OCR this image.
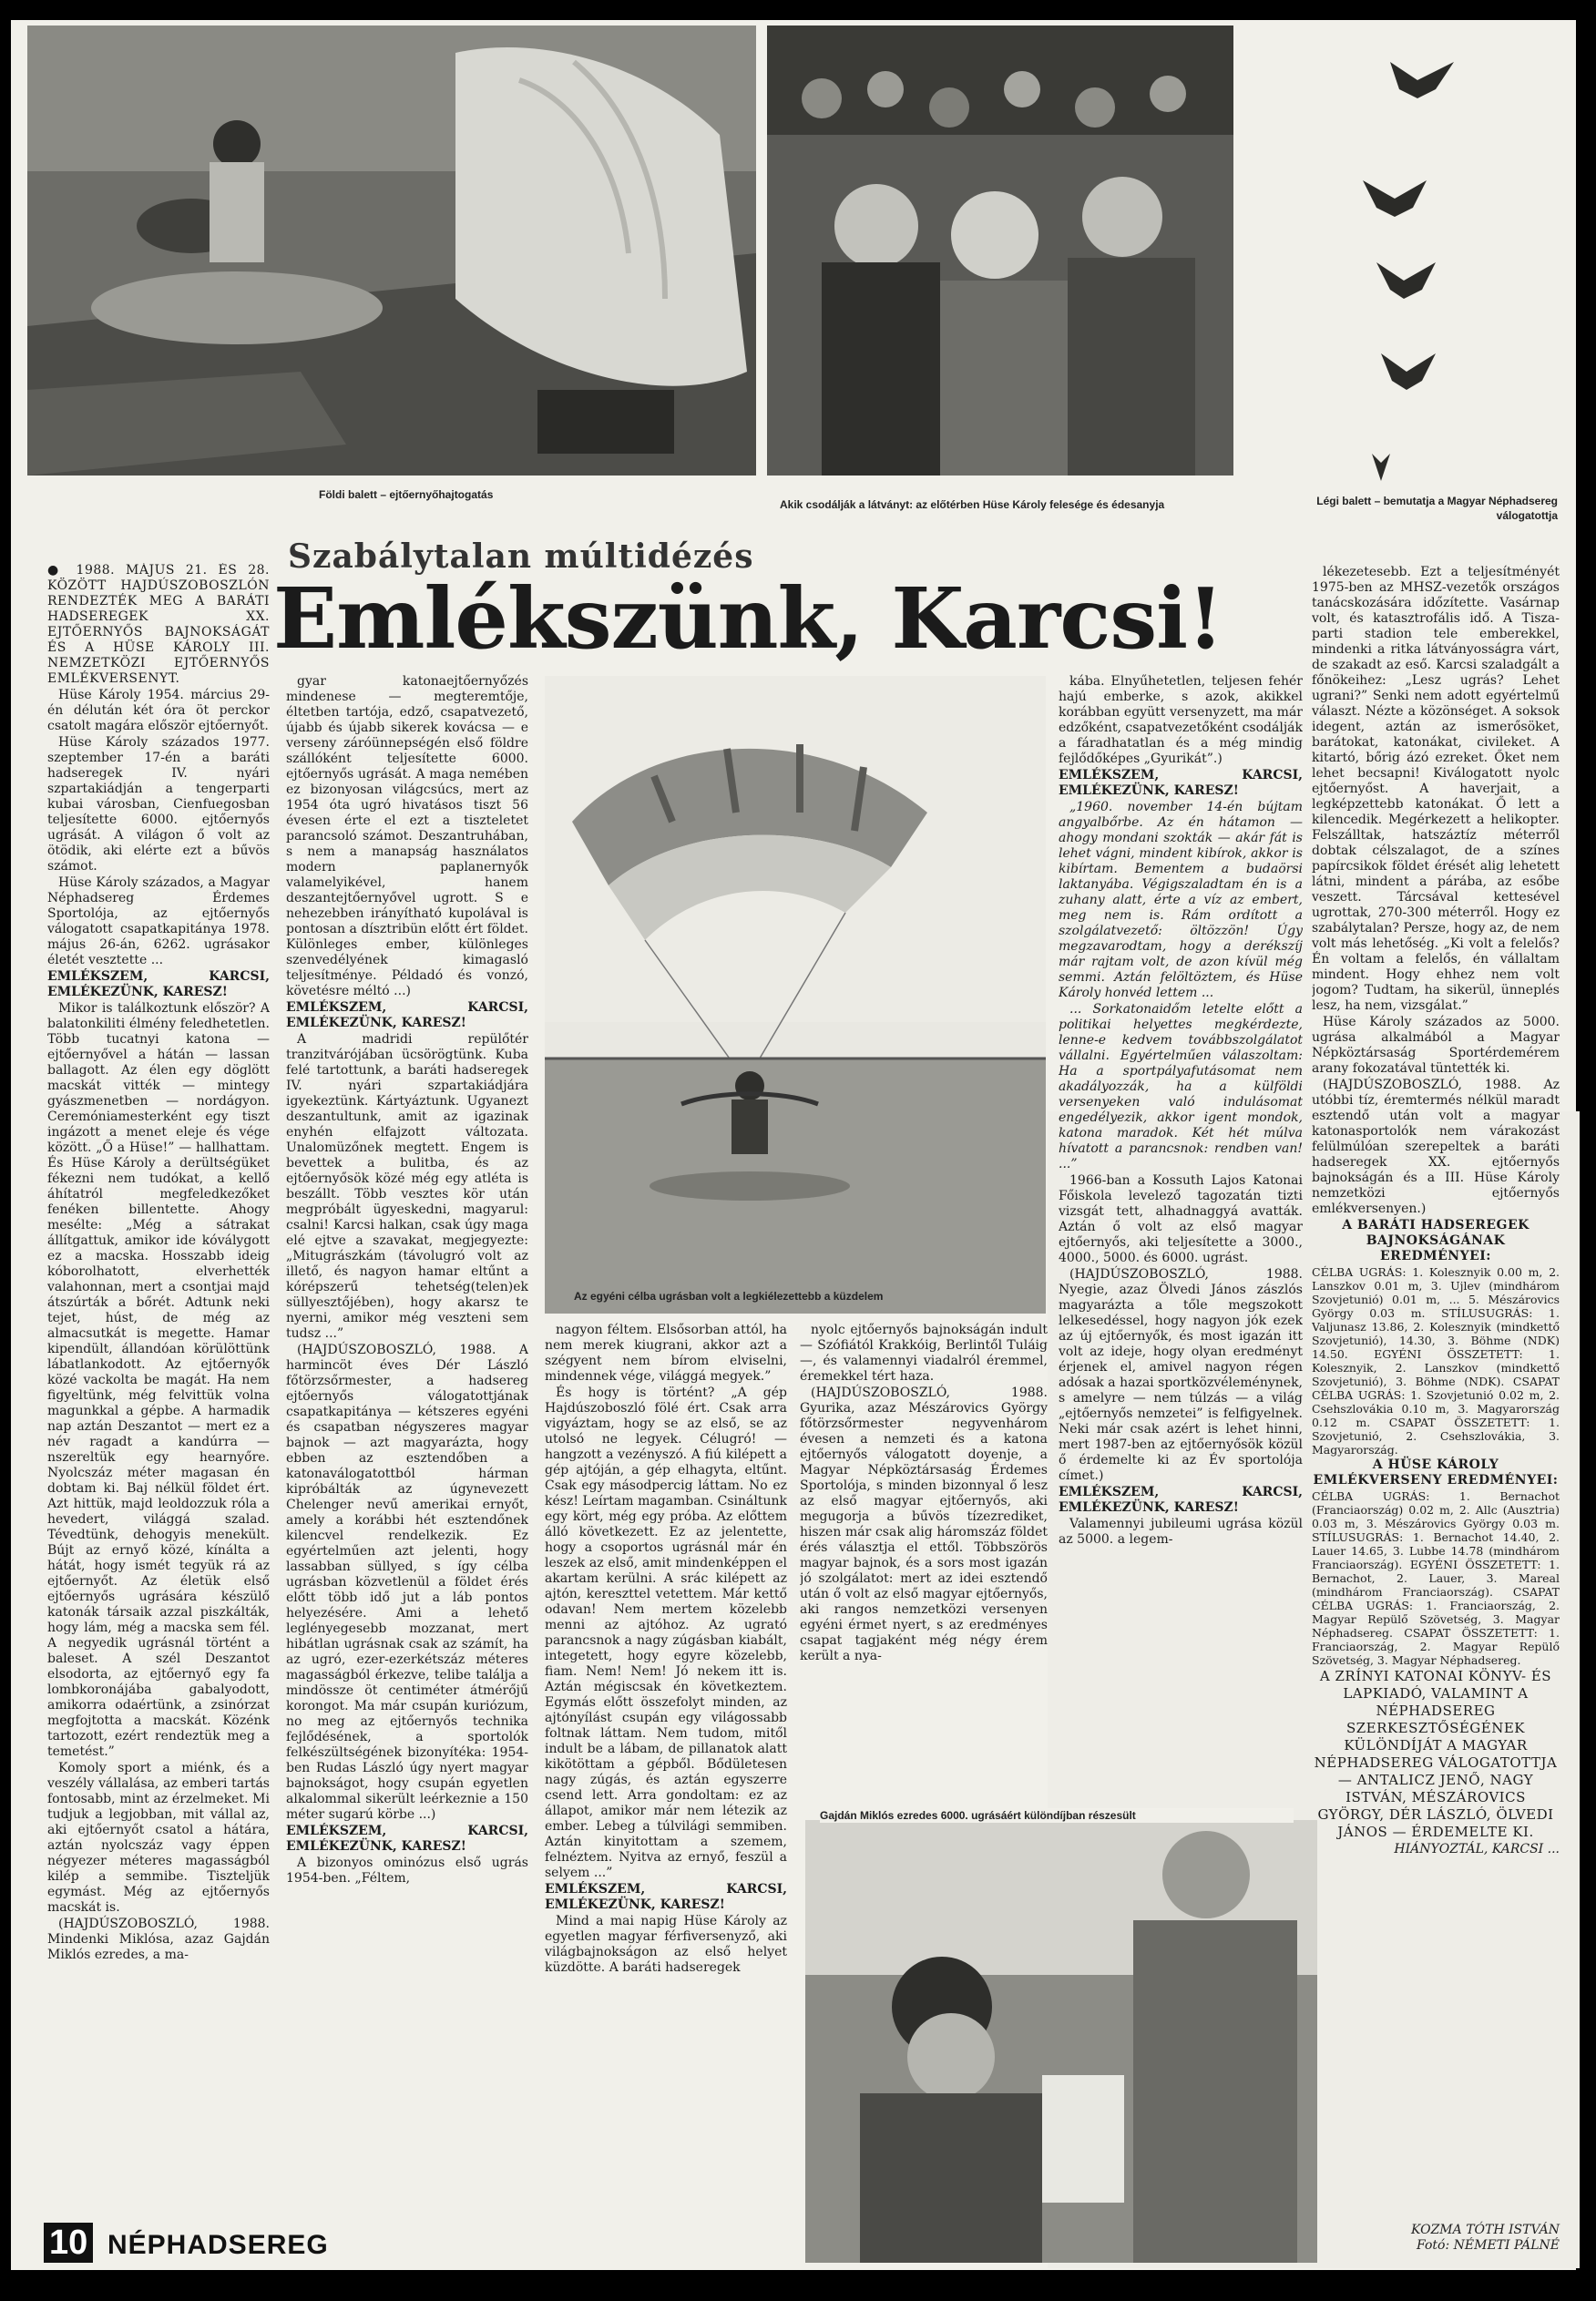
Földi balett – ejtőernyőhajtogatás
Akik csodálják a látványt: az előtérben Hüse Károly felesége és édesanyja	Légi balett – bemutatja a Magyar Néphadsereg válogatottja
Szabálytalan múltidézés
Emlékszünk, Karcsi!

● 1988. MÁJUS 21. ÉS 28. KÖZÖTT HAJDÚSZOBOSZLÓN RENDEZTÉK MEG A BARÁTI HADSEREGEK XX. EJTŐERNYŐS BAJNOKSÁGÁT ÉS A HÜSE KÁROLY III. NEMZETKÖZI EJTŐERNYŐS EMLÉKVERSENYT.

Hüse Károly 1954. március 29-én délután két óra öt perckor csatolt magára először ejtőernyőt.

Hüse Károly százados 1977. szeptember 17-én a baráti hadseregek IV. nyári szpartakiádján a tengerparti kubai városban, Cienfuegosban teljesítette 6000. ejtőernyős ugrását. A világon ő volt az ötödik, aki elérte ezt a bűvös számot.

Hüse Károly százados, a Magyar Néphadsereg Érdemes Sportolója, az ejtőernyős válogatott csapatkapitánya 1978. május 26-án, 6262. ugrásakor életét vesztette ...

EMLÉKSZEM, KARCSI, EMLÉKEZÜNK, KARESZ!

Mikor is találkoztunk először? A balatonkiliti élmény feledhetetlen. Több tucatnyi katona — ejtőernyővel a hátán — lassan ballagott. Az élen egy döglött macskát vitték — mintegy gyászmenetben — nordágyon. Ceremóniamesterként egy tiszt ingázott a menet eleje és vége között. „Ő a Hüse!” — hallhattam. És Hüse Károly a derültségüket fékezni nem tudókat, a kellő áhítatról megfeledkezőket fenéken billentette. Ahogy mesélte: „Még a sátrakat állítgattuk, amikor ide kóválygott ez a macska. Hosszabb ideig kóborolhatott, elverhették valahonnan, mert a csontjai majd átszúrták a bőrét. Adtunk neki tejet, húst, de még az almacsutkát is megette. Hamar kipendült, állandóan körülöttünk lábatlankodott. Az ejtőernyők közé vackolta be magát. Ha nem figyeltünk, még felvittük volna magunkkal a gépbe. A harmadik nap aztán Deszantot — mert ez a név ragadt a kandúrra — nszereltük egy hearnyőre. Nyolcszáz méter magasan én dobtam ki. Baj nélkül földet ért. Azt hittük, majd leoldozzuk róla a hevedert, világgá szalad. Tévedtünk, dehogyis menekült. Bújt az ernyő közé, kínálta a hátát, hogy ismét tegyük rá az ejtőernyőt. Az életük első ejtőernyős ugrására készülő katonák társaik azzal piszkálták, hogy lám, még a macska sem fél. A negyedik ugrásnál történt a baleset. A szél Deszantot elsodorta, az ejtőernyő egy fa lombkoronájába gabalyodott, amikorra odaértünk, a zsinórzat megfojtotta a macskát. Közénk tartozott, ezért rendeztük meg a temetést.”

Komoly sport a miénk, és a veszély vállalása, az emberi tartás fontosabb, mint az érzelmeket. Mi tudjuk a legjobban, mit vállal az, aki ejtőernyőt csatol a hátára, aztán nyolcszáz vagy éppen négyezer méteres magasságból kilép a semmibe. Tiszteljük egymást. Még az ejtőernyős macskát is.

(HAJDÚSZOBOSZLÓ, 1988. Mindenki Miklósa, azaz Gajdán Miklós ezredes, a ma-

gyar katonaejtőernyőzés mindenese — megteremtője, éltetben tartója, edző, csapatvezető, újabb és újabb sikerek kovácsa — e verseny záróünnepségén első földre szállóként teljesítette 6000. ejtőernyős ugrását. A maga nemében ez bizonyosan világcsúcs, mert az 1954 óta ugró hivatásos tiszt 56 évesen érte el ezt a tiszteletet parancsoló számot. Deszantruhában, s nem a manapság használatos modern paplanernyők valamelyikével, hanem deszantejtőernyővel ugrott. S e nehezebben irányítható kupolával is pontosan a dísztribün előtt ért földet. Különleges ember, különleges szenvedélyének kimagasló teljesítménye. Példadó és vonzó, követésre méltó ...)

EMLÉKSZEM, KARCSI, EMLÉKEZÜNK, KARESZ!

A madridi repülőtér tranzitvárójában ücsörögtünk. Kuba felé tartottunk, a baráti hadseregek IV. nyári szpartakiádjára igyekeztünk. Kártyáztunk. Ugyanezt deszantultunk, amit az igazinak enyhén elfajzott változata. Unalomüzőnek megtett. Engem is bevettek a bulitba, és az ejtőernyősök közé még egy atléta is beszállt. Több vesztes kör után megpróbált ügyeskedni, magyarul: csalni! Karcsi halkan, csak úgy maga elé ejtve a szavakat, megjegyezte: „Mitugrászkám (távolugró volt az illető, és nagyon hamar eltűnt a kórépszerű tehetség(telen)ek süllyesztőjében), hogy akarsz te nyerni, amikor még veszteni sem tudsz ...”

(HAJDÚSZOBOSZLÓ, 1988. A harmincöt éves Dér László főtörzsőrmester, a hadsereg ejtőernyős válogatottjának csapatkapitánya — kétszeres egyéni és csapatban négyszeres magyar bajnok — azt magyarázta, hogy ebben az esztendőben a katonaválogatottból hárman kipróbálták az úgynevezett Chelenger nevű amerikai ernyőt, amely a korábbi hét esztendőnek kilencvel rendelkezik. Ez egyértelműen azt jelenti, hogy lassabban süllyed, s így célba ugrásban közvetlenül a földet érés előtt több idő jut a láb pontos helyezésére. Ami a lehető leglényegesebb mozzanat, mert hibátlan ugrásnak csak az számít, ha az ugró, ezer-ezerkétszáz méteres magasságból érkezve, telibe találja a mindössze öt centiméter átmérőjű korongot. Ma már csupán kuriózum, no meg az ejtőernyős technika fejlődésének, a sportolók felkészültségének bizonyítéka: 1954-ben Rudas László úgy nyert magyar bajnokságot, hogy csupán egyetlen alkalommal sikerült leérkeznie a 150 méter sugarú körbe ...)

EMLÉKSZEM, KARCSI, EMLÉKEZÜNK, KARESZ!

A bizonyos ominózus első ugrás 1954-ben. „Féltem,

Az egyéni célba ugrásban volt a legkiélezettebb a küzdelem

nagyon féltem. Elsősorban attól, ha nem merek kiugrani, akkor azt a szégyent nem bírom elviselni, mindennek vége, világgá megyek.”

És hogy is történt? „A gép Hajdúszoboszló fölé ért. Csak arra vigyáztam, hogy se az első, se az utolsó ne legyek. Célugró! — hangzott a vezényszó. A fiú kilépett a gép ajtóján, a gép elhagyta, eltűnt. Csak egy másodpercig láttam. No ez kész! Leírtam magamban. Csináltunk egy kört, még egy próba. Az előttem álló következett. Ez az jelentette, hogy a csoportos ugrásnál már én leszek az első, amit mindenképpen el akartam kerülni. A srác kilépett az ajtón, kereszttel vetettem. Már kettő odavan! Nem mertem közelebb menni az ajtóhoz. Az ugrató parancsnok a nagy zúgásban kiabált, integetett, hogy egyre közelebb, fiam. Nem! Nem! Jó nekem itt is. Aztán mégiscsak én következtem. Egymás előtt összefolyt minden, az ajtónyílást csupán egy világossabb foltnak láttam. Nem tudom, mitől indult be a lábam, de pillanatok alatt kikötöttam a gépből. Bődületesen nagy zúgás, és aztán egyszerre csend lett. Arra gondoltam: ez az állapot, amikor már nem létezik az ember. Lebeg a túlvilági semmiben. Aztán kinyitottam a szemem, felnéztem. Nyitva az ernyő, feszül a selyem ...”

EMLÉKSZEM, KARCSI, EMLÉKEZÜNK, KARESZ!

Mind a mai napig Hüse Károly az egyetlen magyar férfiversenyző, aki világbajnokságon az első helyet küzdötte. A baráti hadseregek

nyolc ejtőernyős bajnokságán indult — Szófiától Krakkóig, Berlintől Tuláig —, és valamennyi viadalról éremmel, éremekkel tért haza.

(HAJDÚSZOBOSZLÓ, 1988. Gyurika, azaz Mészárovics György főtörzsőrmester negyvenhárom évesen a nemzeti és a katona ejtőernyős válogatott doyenje, a Magyar Népköztársaság Érdemes Sportolója, s minden bizonnyal ő lesz az első magyar ejtőernyős, aki megugorja a bűvös tízezrediket, hiszen már csak alig háromszáz földet érés választja el ettől. Többszörös magyar bajnok, és a sors most igazán jó szolgálatot: mert az idei esztendő után ő volt az első magyar ejtőernyős, aki rangos nemzetközi versenyen egyéni érmet nyert, s az eredményes csapat tagjaként még négy érem került a nya-

kába. Elnyűhetetlen, teljesen fehér hajú emberke, s azok, akikkel korábban együtt versenyzett, ma már edzőként, csapatvezetőként csodálják a fáradhatatlan és a még mindig fejlődőképes „Gyurikát”.)

EMLÉKSZEM, KARCSI, EMLÉKEZÜNK, KARESZ!

„1960. november 14-én bújtam angyalbőrbe. Az én hátamon — ahogy mondani szokták — akár fát is lehet vágni, mindent kibírok, akkor is kibírtam. Bementem a budaörsi laktanyába. Végigszaladtam én is a zuhany alatt, érte a víz az embert, meg nem is. Rám ordított a szolgálatvezető: öltözzön! Úgy megzavarodtam, hogy a derékszíj már rajtam volt, de azon kívül még semmi. Aztán felöltöztem, és Hüse Károly honvéd lettem ...

... Sorkatonaidőm letelte előtt a politikai helyettes megkérdezte, lenne-e kedvem továbbszolgálatot vállalni. Egyértelműen válaszoltam: Ha a sportpályafutásomat nem akadályozzák, ha a külföldi versenyeken való indulásomat engedélyezik, akkor igent mondok, katona maradok. Két hét múlva hívatott a parancsnok: rendben van! ...”

1966-ban a Kossuth Lajos Katonai Főiskola levelező tagozatán tizti vizsgát tett, alhadnaggyá avatták. Aztán ő volt az első magyar ejtőernyős, aki teljesítette a 3000., 4000., 5000. és 6000. ugrást.

(HAJDÚSZOBOSZLÓ, 1988. Nyegie, azaz Ölvedi János zászlós magyarázta a tőle megszokott lelkesedéssel, hogy nagyon jók ezek az új ejtőernyők, és most igazán itt volt az ideje, hogy olyan eredményt érjenek el, amivel nagyon régen adósak a hazai sportközvéleménynek, s amelyre — nem túlzás — a világ „ejtőernyős nemzetei” is felfigyelnek. Neki már csak azért is lehet hinni, mert 1987-ben az ejtőernyősök közül ő érdemelte ki az Év sportolója címet.)

EMLÉKSZEM, KARCSI, EMLÉKEZÜNK, KARESZ!

Valamennyi jubileumi ugrása közül az 5000. a legem-

Gajdán Miklós ezredes 6000. ugrásáért különdíjban részesült

lékezetesebb. Ezt a teljesítményét 1975-ben az MHSZ-vezetők országos tanácskozására időzítette. Vasárnap volt, és katasztrofális idő. A Tisza-parti stadion tele emberekkel, mindenki a ritka látványosságra várt, de szakadt az eső. Karcsi szaladgált a főnökeihez: „Lesz ugrás? Lehet ugrani?” Senki nem adott egyértelmű választ. Nézte a közönséget. A soksok idegent, aztán az ismerősöket, barátokat, katonákat, civileket. A kitartó, bőrig ázó ezreket. Őket nem lehet becsapni! Kiválogatott nyolc ejtőernyőst. A haverjait, a legképzettebb katonákat. Ő lett a kilencedik. Megérkezett a helikopter. Felszálltak, hatszáztíz méterről dobtak célszalagot, de a színes papírcsikok földet érését alig lehetett látni, mindent a párába, az esőbe veszett. Tárcsával kettesével ugrottak, 270-300 méterről. Hogy ez szabálytalan? Persze, hogy az, de nem volt más lehetőség. „Ki volt a felelős? Én voltam a felelős, én vállaltam mindent. Hogy ehhez nem volt jogom? Tudtam, ha sikerül, ünneplés lesz, ha nem, vizsgálat.”

Hüse Károly százados az 5000. ugrása alkalmából a Magyar Népköztársaság Sportérdemérem arany fokozatával tüntették ki.

(HAJDÚSZOBOSZLÓ, 1988. Az utóbbi tíz, éremtermés nélkül maradt esztendő után volt a magyar katonasportolók nem várakozást felülmúlóan szerepeltek a baráti hadseregek XX. ejtőernyős bajnokságán és a III. Hüse Károly nemzetközi ejtőernyős emlékversenyen.)

A BARÁTI HADSEREGEK BAJNOKSÁGÁNAK EREDMÉNYEI:

CÉLBA UGRÁS: 1. Kolesznyik 0.00 m, 2. Lanszkov 0.01 m, 3. Ujlev (mindhárom Szovjetunió) 0.01 m, ... 5. Mészárovics György 0.03 m. STÍLUSUGRÁS: 1. Valjunasz 13.86, 2. Kolesznyik (mindkettő Szovjetunió), 14.30, 3. Böhme (NDK) 14.50. EGYÉNI ÖSSZETETT: 1. Kolesznyik, 2. Lanszkov (mindkettő Szovjetunió), 3. Böhme (NDK). CSAPAT CÉLBA UGRÁS: 1. Szovjetunió 0.02 m, 2. Csehszlovákia 0.10 m, 3. Magyarország 0.12 m. CSAPAT ÖSSZETETT: 1. Szovjetunió, 2. Csehszlovákia, 3. Magyarország.

A HÜSE KÁROLY EMLÉKVERSENY EREDMÉNYEI:

CÉLBA UGRÁS: 1. Bernachot (Franciaország) 0.02 m, 2. Allc (Ausztria) 0.03 m, 3. Mészárovics György 0.03 m. STÍLUSUGRÁS: 1. Bernachot 14.40, 2. Lauer 14.65, 3. Lubbe 14.78 (mindhárom Franciaország). EGYÉNI ÖSSZETETT: 1. Bernachot, 2. Lauer, 3. Mareal (mindhárom Franciaország). CSAPAT CÉLBA UGRÁS: 1. Franciaország, 2. Magyar Repülő Szövetség, 3. Magyar Néphadsereg. CSAPAT ÖSSZETETT: 1. Franciaország, 2. Magyar Repülő Szövetség, 3. Magyar Néphadsereg.

A ZRÍNYI KATONAI KÖNYV- ÉS LAPKIADÓ, VALAMINT A NÉPHADSEREG SZERKESZTŐSÉGÉNEK KÜLÖNDÍJÁT A MAGYAR NÉPHADSEREG VÁLOGATOTTJA — ANTALICZ JENŐ, NAGY ISTVÁN, MÉSZÁROVICS GYÖRGY, DÉR LÁSZLÓ, ÖLVEDI JÁNOS — ÉRDEMELTE KI.

HIÁNYOZTÁL, KARCSI ...

KOZMA TÓTH ISTVÁN
Fotó: NÉMETI PÁLNÉ
10 NÉPHADSEREG
